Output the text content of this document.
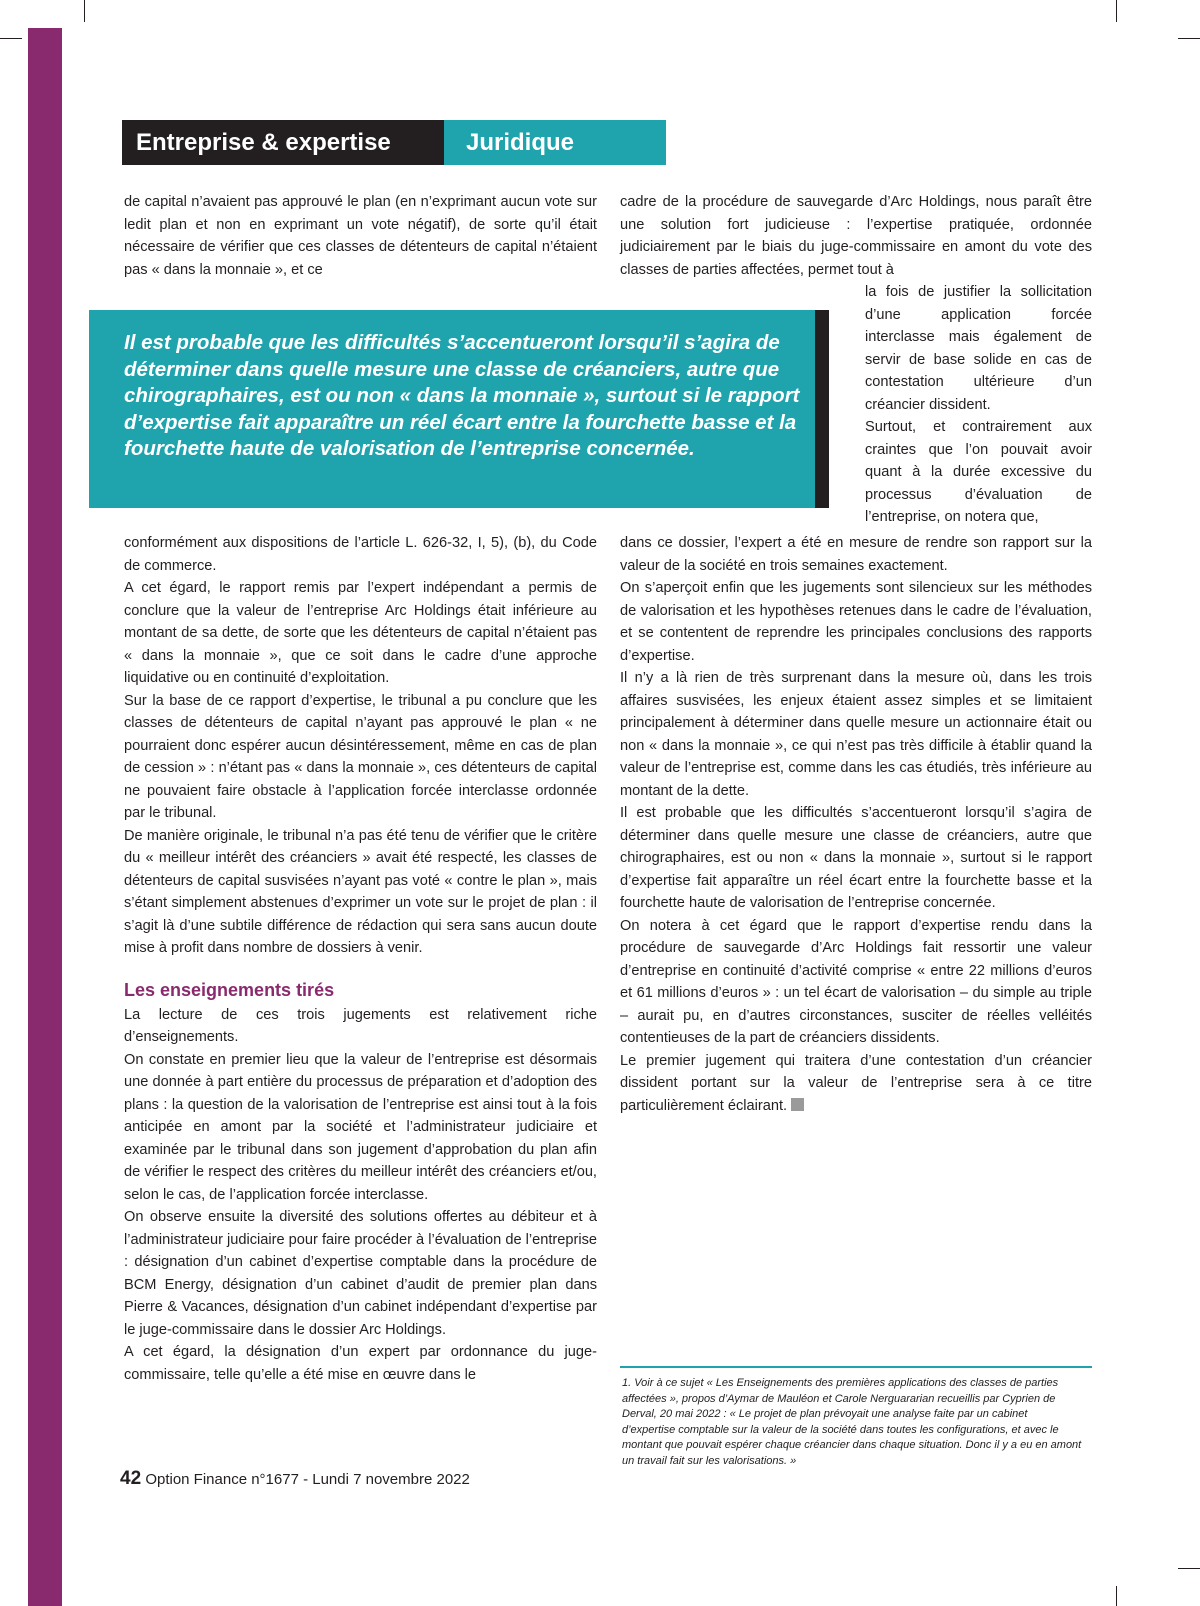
Entreprise & expertise	Juridique

de capital n’avaient pas approuvé le plan (en n’exprimant aucun vote sur ledit plan et non en exprimant un vote négatif), de sorte qu’il était nécessaire de vérifier que ces classes de détenteurs de capital n’étaient pas « dans la monnaie », et ce

cadre de la procédure de sauvegarde d’Arc Holdings, nous paraît être une solution fort judicieuse : l’expertise pratiquée, ordonnée judiciairement par le biais du juge-commissaire en amont du vote des classes de parties affectées, permet tout à

la fois de justifier la sollicitation d’une application forcée interclasse mais également de servir de base solide en cas de contestation ultérieure d’un créancier dissident.

Surtout, et contrairement aux craintes que l’on pouvait avoir quant à la durée excessive du processus d’évaluation de l’entreprise, on notera que,

Il est probable que les difficultés s’accentueront lorsqu’il s’agira de déterminer dans quelle mesure une classe de créanciers, autre que chirographaires, est ou non « dans la monnaie », surtout si le rapport d’expertise fait apparaître un réel écart entre la fourchette basse et la fourchette haute de valorisation de l’entreprise concernée.

conformément aux dispositions de l’article L. 626-32, I, 5), (b), du Code de commerce.

A cet égard, le rapport remis par l’expert indépendant a permis de conclure que la valeur de l’entreprise Arc Holdings était inférieure au montant de sa dette, de sorte que les détenteurs de capital n’étaient pas « dans la monnaie », que ce soit dans le cadre d’une approche liquidative ou en continuité d’exploitation.

Sur la base de ce rapport d’expertise, le tribunal a pu conclure que les classes de détenteurs de capital n’ayant pas approuvé le plan « ne pourraient donc espérer aucun désintéressement, même en cas de plan de cession » : n’étant pas « dans la monnaie », ces détenteurs de capital ne pouvaient faire obstacle à l’application forcée interclasse ordonnée par le tribunal.

De manière originale, le tribunal n’a pas été tenu de vérifier que le critère du « meilleur intérêt des créanciers » avait été respecté, les classes de détenteurs de capital susvisées n’ayant pas voté « contre le plan », mais s’étant simplement abstenues d’exprimer un vote sur le projet de plan : il s’agit là d’une subtile différence de rédaction qui sera sans aucun doute mise à profit dans nombre de dossiers à venir.

Les enseignements tirés

La lecture de ces trois jugements est relativement riche d’enseignements.

On constate en premier lieu que la valeur de l’entreprise est désormais une donnée à part entière du processus de préparation et d’adoption des plans : la question de la valorisation de l’entreprise est ainsi tout à la fois anticipée en amont par la société et l’administrateur judiciaire et examinée par le tribunal dans son jugement d’approbation du plan afin de vérifier le respect des critères du meilleur intérêt des créanciers et/ou, selon le cas, de l’application forcée interclasse.

On observe ensuite la diversité des solutions offertes au débiteur et à l’administrateur judiciaire pour faire procéder à l’évaluation de l’entreprise : désignation d’un cabinet d’expertise comptable dans la procédure de BCM Energy, désignation d’un cabinet d’audit de premier plan dans Pierre & Vacances, désignation d’un cabinet indépendant d’expertise par le juge-commissaire dans le dossier Arc Holdings.

A cet égard, la désignation d’un expert par ordonnance du juge-commissaire, telle qu’elle a été mise en œuvre dans le

dans ce dossier, l’expert a été en mesure de rendre son rapport sur la valeur de la société en trois semaines exactement.

On s’aperçoit enfin que les jugements sont silencieux sur les méthodes de valorisation et les hypothèses retenues dans le cadre de l’évaluation, et se contentent de reprendre les principales conclusions des rapports d’expertise.

Il n’y a là rien de très surprenant dans la mesure où, dans les trois affaires susvisées, les enjeux étaient assez simples et se limitaient principalement à déterminer dans quelle mesure un actionnaire était ou non « dans la monnaie », ce qui n’est pas très difficile à établir quand la valeur de l’entreprise est, comme dans les cas étudiés, très inférieure au montant de la dette.

Il est probable que les difficultés s’accentueront lorsqu’il s’agira de déterminer dans quelle mesure une classe de créanciers, autre que chirographaires, est ou non « dans la monnaie », surtout si le rapport d’expertise fait apparaître un réel écart entre la fourchette basse et la fourchette haute de valorisation de l’entreprise concernée.

On notera à cet égard que le rapport d’expertise rendu dans la procédure de sauvegarde d’Arc Holdings fait ressortir une valeur d’entreprise en continuité d’activité comprise « entre 22 millions d’euros et 61 millions d’euros » : un tel écart de valorisation – du simple au triple – aurait pu, en d’autres circonstances, susciter de réelles velléités contentieuses de la part de créanciers dissidents.

Le premier jugement qui traitera d’une contestation d’un créancier dissident portant sur la valeur de l’entreprise sera à ce titre particulièrement éclairant.

1. Voir à ce sujet « Les Enseignements des premières applications des classes de parties affectées », propos d’Aymar de Mauléon et Carole Nerguararian recueillis par Cyprien de Derval, 20 mai 2022 : « Le projet de plan prévoyait une analyse faite par un cabinet d’expertise comptable sur la valeur de la société dans toutes les configurations, et avec le montant que pouvait espérer chaque créancier dans chaque situation. Donc il y a eu en amont un travail fait sur les valorisations. »
42 Option Finance n°1677 - Lundi 7 novembre 2022
